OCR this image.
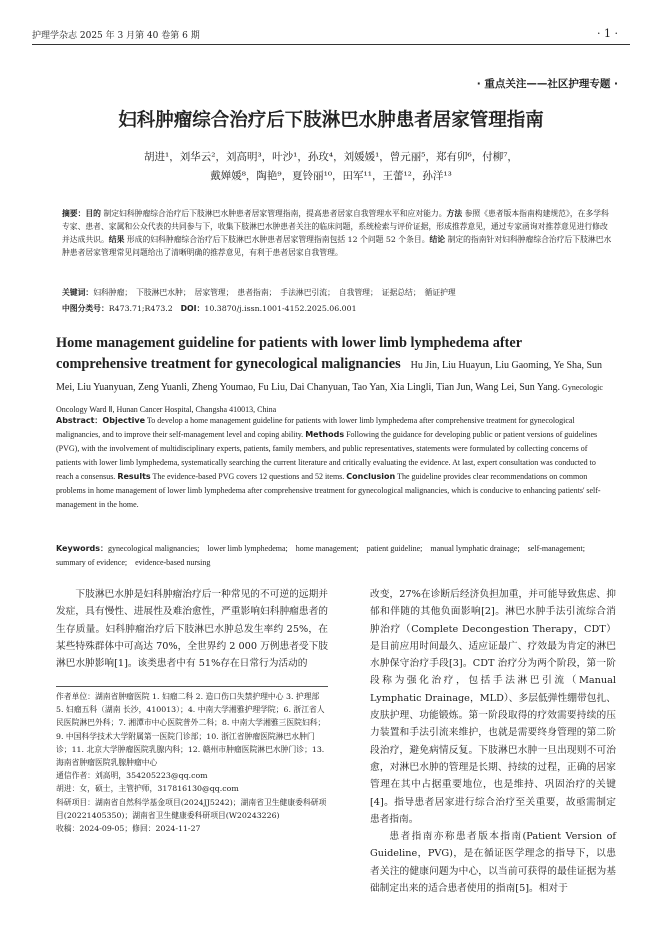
护理学杂志 2025 年 3 月第 40 卷第 6 期	· 1 ·
· 重点关注——社区护理专题 ·
妇科肿瘤综合治疗后下肢淋巴水肿患者居家管理指南
胡进¹，刘华云²，刘高明³，叶沙¹，孙玫⁴，刘媛媛¹，曾元丽⁵，郑有卯⁶，付柳⁷，
戴婵媛⁸，陶艳⁹，夏铃丽¹⁰，田军¹¹，王蕾¹²，孙洋¹³
摘要：目的 制定妇科肿瘤综合治疗后下肢淋巴水肿患者居家管理指南，提高患者居家自我管理水平和应对能力。方法 参照《患者版本指南构建规范》，在多学科专家、患者、家属和公众代表的共同参与下，收集下肢淋巴水肿患者关注的临床问题，系统检索与评价证据，形成推荐意见，通过专家函询对推荐意见进行修改并达成共识。结果 形成的妇科肿瘤综合治疗后下肢淋巴水肿患者居家管理指南包括 12 个问题 52 个条目。结论 制定的指南针对妇科肿瘤综合治疗后下肢淋巴水肿患者居家管理常见问题给出了清晰明确的推荐意见，有利于患者居家自我管理。
关键词：妇科肿瘤；　下肢淋巴水肿；　居家管理；　患者指南；　手法淋巴引流；　自我管理；　证据总结；　循证护理
中图分类号：R473.71;R473.2　DOI：10.3870/j.issn.1001-4152.2025.06.001
Home management guideline for patients with lower limb lymphedema after comprehensive treatment for gynecological malignancies　 Hu Jin, Liu Huayun, Liu Gaoming, Ye Sha, Sun Mei, Liu Yuanyuan, Zeng Yuanli, Zheng Youmao, Fu Liu, Dai Chanyuan, Tao Yan, Xia Lingli, Tian Jun, Wang Lei, Sun Yang. Gynecologic Oncology Ward Ⅱ, Hunan Cancer Hospital, Changsha 410013, China
Abstract：Objective To develop a home management guideline for patients with lower limb lymphedema after comprehensive treatment for gynecological malignancies, and to improve their self-management level and coping ability. Methods Following the guidance for developing public or patient versions of guidelines (PVG), with the involvement of multidisciplinary experts, patients, family members, and public representatives, statements were formulated by collecting concerns of patients with lower limb lymphedema, systematically searching the current literature and critically evaluating the evidence. At last, expert consultation was conducted to reach a consensus. Results The evidence-based PVG covers 12 questions and 52 items. Conclusion The guideline provides clear recommendations on common problems in home management of lower limb lymphedema after comprehensive treatment for gynecological malignancies, which is conducive to enhancing patients' self-management in the home.
Keywords：gynecological malignancies;　lower limb lymphedema;　home management;　patient guideline;　manual lymphatic drainage;　self-management;　summary of evidence;　evidence-based nursing

下肢淋巴水肿是妇科肿瘤治疗后一种常见的不可逆的远期并发症，具有慢性、进展性及难治愈性，严重影响妇科肿瘤患者的生存质量。妇科肿瘤治疗后下肢淋巴水肿总发生率约 25%，在某些特殊群体中可高达 70%，全世界约 2 000 万例患者受下肢淋巴水肿影响[1]。该类患者中有 51%存在日常行为活动的

作者单位：湖南省肿瘤医院 1. 妇瘤二科 2. 造口伤口失禁护理中心 3. 护理部 5. 妇瘤五科（湖南 长沙，410013）；4. 中南大学湘雅护理学院；6. 浙江省人民医院淋巴外科；7. 湘潭市中心医院普外二科；8. 中南大学湘雅三医院妇科；9. 中国科学技术大学附属第一医院门诊部；10. 浙江省肿瘤医院淋巴水肿门诊；11. 北京大学肿瘤医院乳腺内科；12. 赣州市肿瘤医院淋巴水肿门诊；13. 海南省肿瘤医院乳腺肿瘤中心
通信作者：刘高明，354205223@qq.com
胡进：女，硕士，主管护师，317816130@qq.com
科研项目：湖南省自然科学基金项目(2024JJ5242)；湖南省卫生健康委科研项目(20221405350)；湖南省卫生健康委科研项目(W20243226)
收稿：2024-09-05；修回：2024-11-27

改变，27%在诊断后经济负担加重，并可能导致焦虑、抑郁和伴随的其他负面影响[2]。淋巴水肿手法引流综合消肿治疗（Complete Decongestion Therapy，CDT）是目前应用时间最久、适应证最广、疗效最为肯定的淋巴水肿保守治疗手段[3]。CDT 治疗分为两个阶段，第一阶段称为强化治疗，包括手法淋巴引流（Manual Lymphatic Drainage，MLD）、多层低弹性绷带包扎、皮肤护理、功能锻炼。第一阶段取得的疗效需要持续的压力装置和手法引流来维护，也就是需要终身管理的第二阶段治疗，避免病情反复。下肢淋巴水肿一旦出现则不可治愈，对淋巴水肿的管理是长期、持续的过程，正确的居家管理在其中占据重要地位，也是维持、巩固治疗的关键[4]。指导患者居家进行综合治疗至关重要，故亟需制定患者指南。

患者指南亦称患者版本指南(Patient Version of Guideline，PVG)，是在循证医学理念的指导下，以患者关注的健康问题为中心，以当前可获得的最佳证据为基础制定出来的适合患者使用的指南[5]。相对于
